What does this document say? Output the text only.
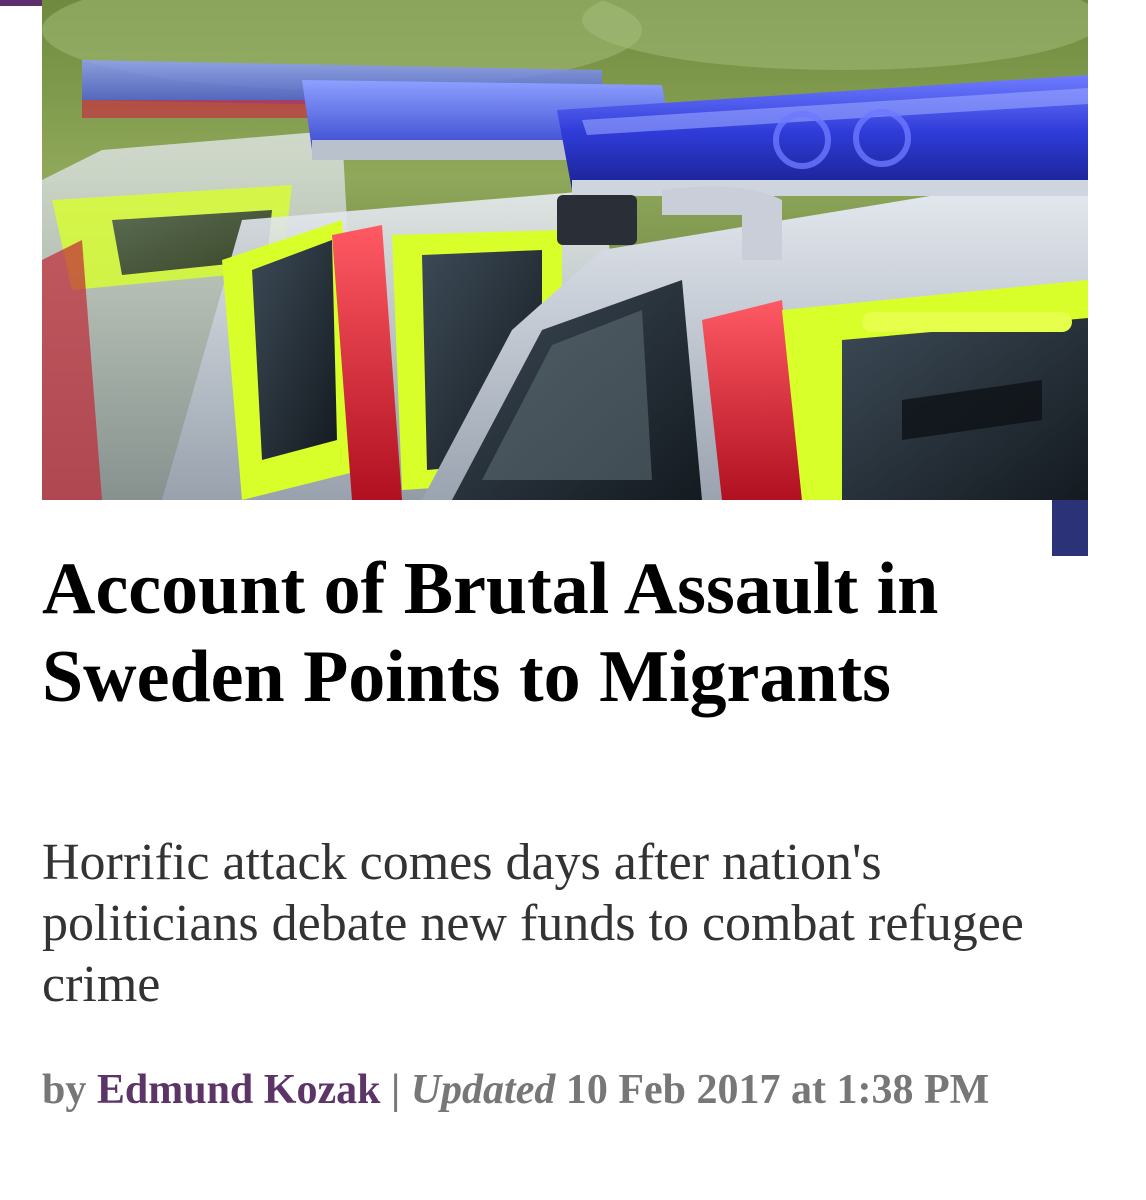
Account of Brutal Assault in Sweden Points to Migrants

Horrific attack comes days after nation's politicians debate new funds to combat refugee crime

by Edmund Kozak | Updated 10 Feb 2017 at 1:38 PM
